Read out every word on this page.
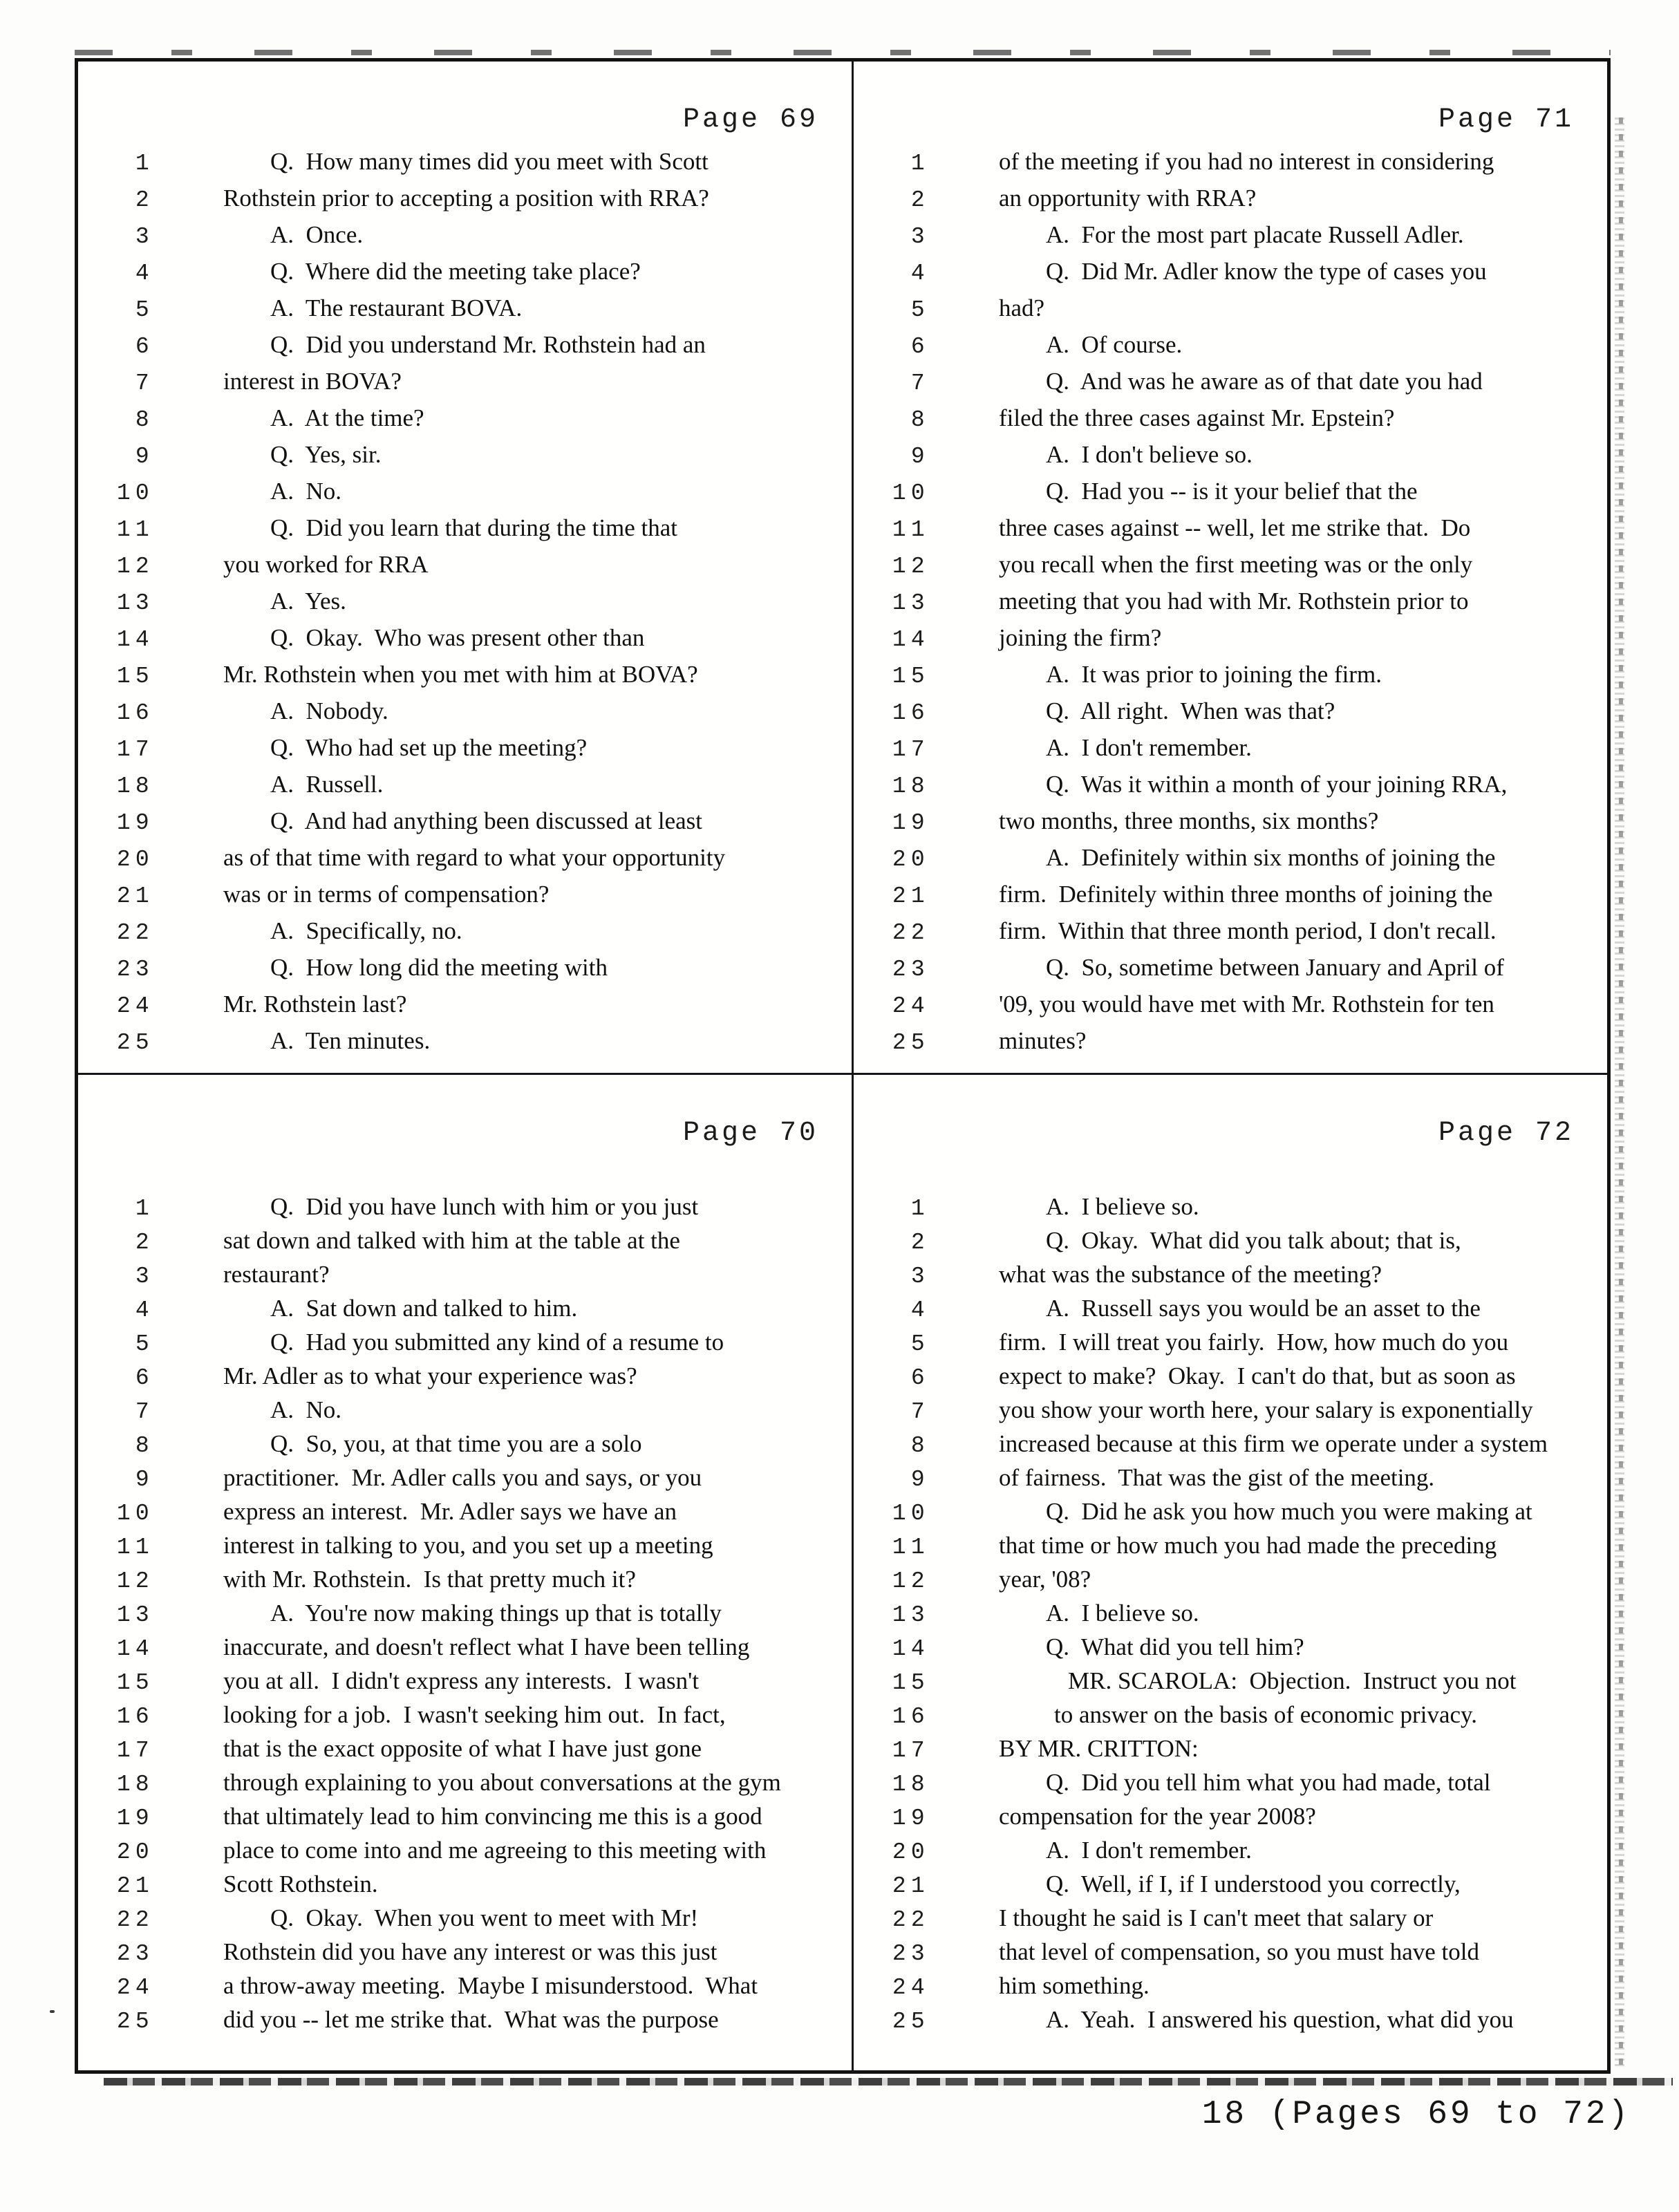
Page 69
1	Q.  How many times did you meet with Scott
2	Rothstein prior to accepting a position with RRA?
3	A.  Once.
4	Q.  Where did the meeting take place?
5	A.  The restaurant BOVA.
6	Q.  Did you understand Mr. Rothstein had an
7	interest in BOVA?
8	A.  At the time?
9	Q.  Yes, sir.
10	A.  No.
11	Q.  Did you learn that during the time that
12	you worked for RRA
13	A.  Yes.
14	Q.  Okay.  Who was present other than
15	Mr. Rothstein when you met with him at BOVA?
16	A.  Nobody.
17	Q.  Who had set up the meeting?
18	A.  Russell.
19	Q.  And had anything been discussed at least
20	as of that time with regard to what your opportunity
21	was or in terms of compensation?
22	A.  Specifically, no.
23	Q.  How long did the meeting with
24	Mr. Rothstein last?
25	A.  Ten minutes.
Page 71
1	of the meeting if you had no interest in considering
2	an opportunity with RRA?
3	A.  For the most part placate Russell Adler.
4	Q.  Did Mr. Adler know the type of cases you
5	had?
6	A.  Of course.
7	Q.  And was he aware as of that date you had
8	filed the three cases against Mr. Epstein?
9	A.  I don't believe so.
10	Q.  Had you -- is it your belief that the
11	three cases against -- well, let me strike that.  Do
12	you recall when the first meeting was or the only
13	meeting that you had with Mr. Rothstein prior to
14	joining the firm?
15	A.  It was prior to joining the firm.
16	Q.  All right.  When was that?
17	A.  I don't remember.
18	Q.  Was it within a month of your joining RRA,
19	two months, three months, six months?
20	A.  Definitely within six months of joining the
21	firm.  Definitely within three months of joining the
22	firm.  Within that three month period, I don't recall.
23	Q.  So, sometime between January and April of
24	'09, you would have met with Mr. Rothstein for ten
25	minutes?
Page 70
1	Q.  Did you have lunch with him or you just
2	sat down and talked with him at the table at the
3	restaurant?
4	A.  Sat down and talked to him.
5	Q.  Had you submitted any kind of a resume to
6	Mr. Adler as to what your experience was?
7	A.  No.
8	Q.  So, you, at that time you are a solo
9	practitioner.  Mr. Adler calls you and says, or you
10	express an interest.  Mr. Adler says we have an
11	interest in talking to you, and you set up a meeting
12	with Mr. Rothstein.  Is that pretty much it?
13	A.  You're now making things up that is totally
14	inaccurate, and doesn't reflect what I have been telling
15	you at all.  I didn't express any interests.  I wasn't
16	looking for a job.  I wasn't seeking him out.  In fact,
17	that is the exact opposite of what I have just gone
18	through explaining to you about conversations at the gym
19	that ultimately lead to him convincing me this is a good
20	place to come into and me agreeing to this meeting with
21	Scott Rothstein.
22	Q.  Okay.  When you went to meet with Mr!
23	Rothstein did you have any interest or was this just
24	a throw-away meeting.  Maybe I misunderstood.  What
25	did you -- let me strike that.  What was the purpose
Page 72
1	A.  I believe so.
2	Q.  Okay.  What did you talk about; that is,
3	what was the substance of the meeting?
4	A.  Russell says you would be an asset to the
5	firm.  I will treat you fairly.  How, how much do you
6	expect to make?  Okay.  I can't do that, but as soon as
7	you show your worth here, your salary is exponentially
8	increased because at this firm we operate under a system
9	of fairness.  That was the gist of the meeting.
10	Q.  Did he ask you how much you were making at
11	that time or how much you had made the preceding
12	year, '08?
13	A.  I believe so.
14	Q.  What did you tell him?
15	MR. SCAROLA:  Objection.  Instruct you not
16	to answer on the basis of economic privacy.
17	BY MR. CRITTON:
18	Q.  Did you tell him what you had made, total
19	compensation for the year 2008?
20	A.  I don't remember.
21	Q.  Well, if I, if I understood you correctly,
22	I thought he said is I can't meet that salary or
23	that level of compensation, so you must have told
24	him something.
25	A.  Yeah.  I answered his question, what did you
18 (Pages 69 to 72)
